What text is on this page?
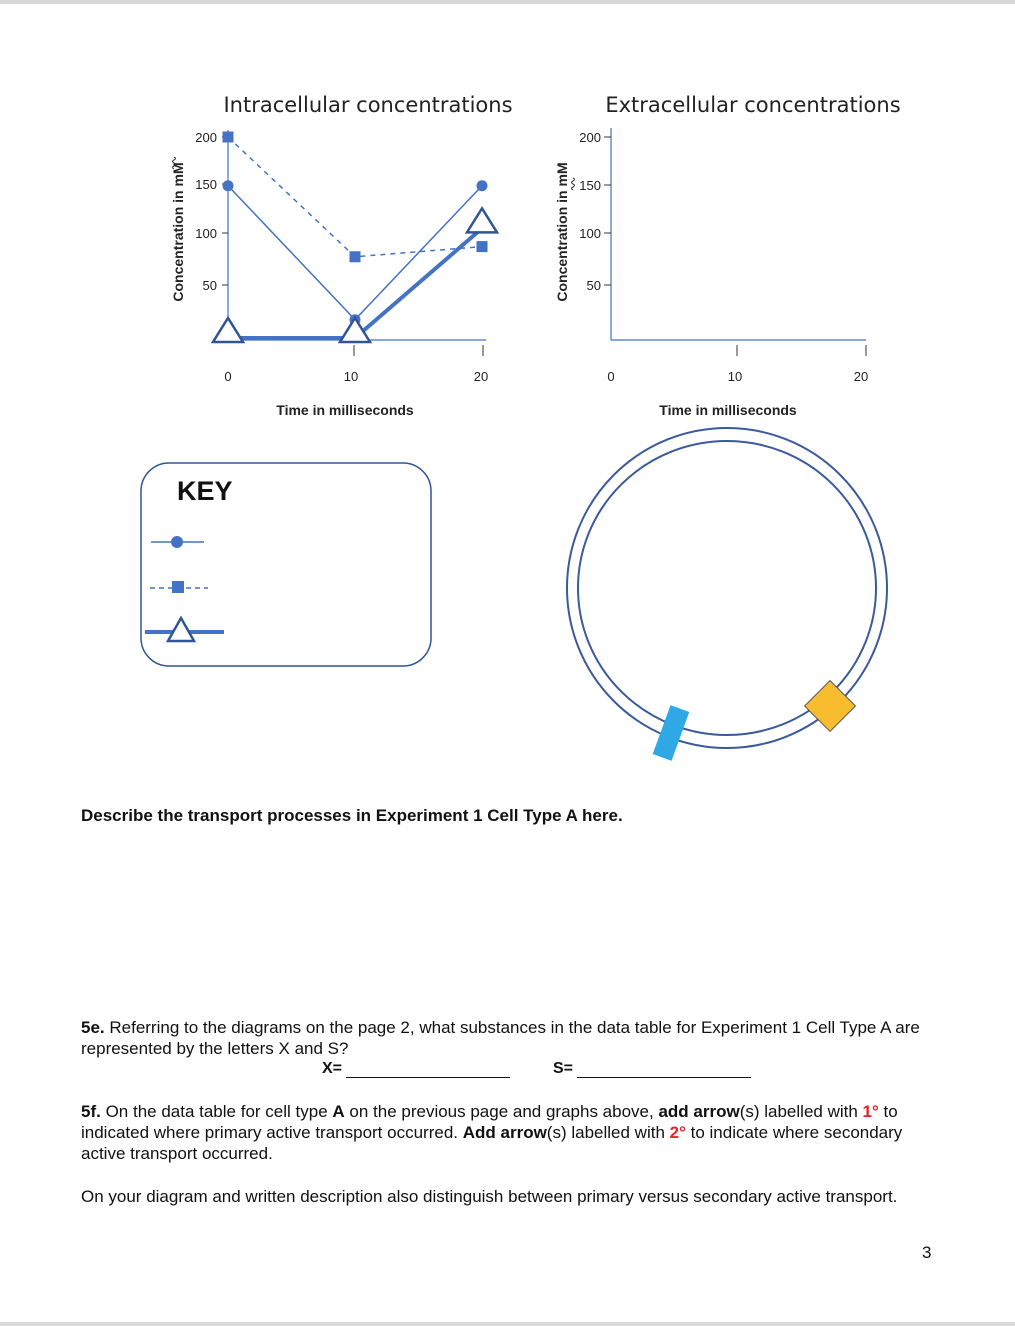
Intracellular concentrations
Concentration in mM
200
150
100
50
0	10	20
Time in milliseconds
Extracellular concentrations
Concentration in mM
200
150
100
50
0	10	20
Time in milliseconds
KEY
Describe the transport processes in Experiment 1 Cell Type A here.
5e. Referring to the diagrams on the page 2, what substances in the data table for Experiment 1 Cell Type A are represented by the letters X and S?
X=	S=
5f. On the data table for cell type A on the previous page and graphs above, add arrow(s) labelled with 1° to indicated where primary active transport occurred. Add arrow(s) labelled with 2° to indicate where secondary active transport occurred.
On your diagram and written description also distinguish between primary versus secondary active transport.
3
